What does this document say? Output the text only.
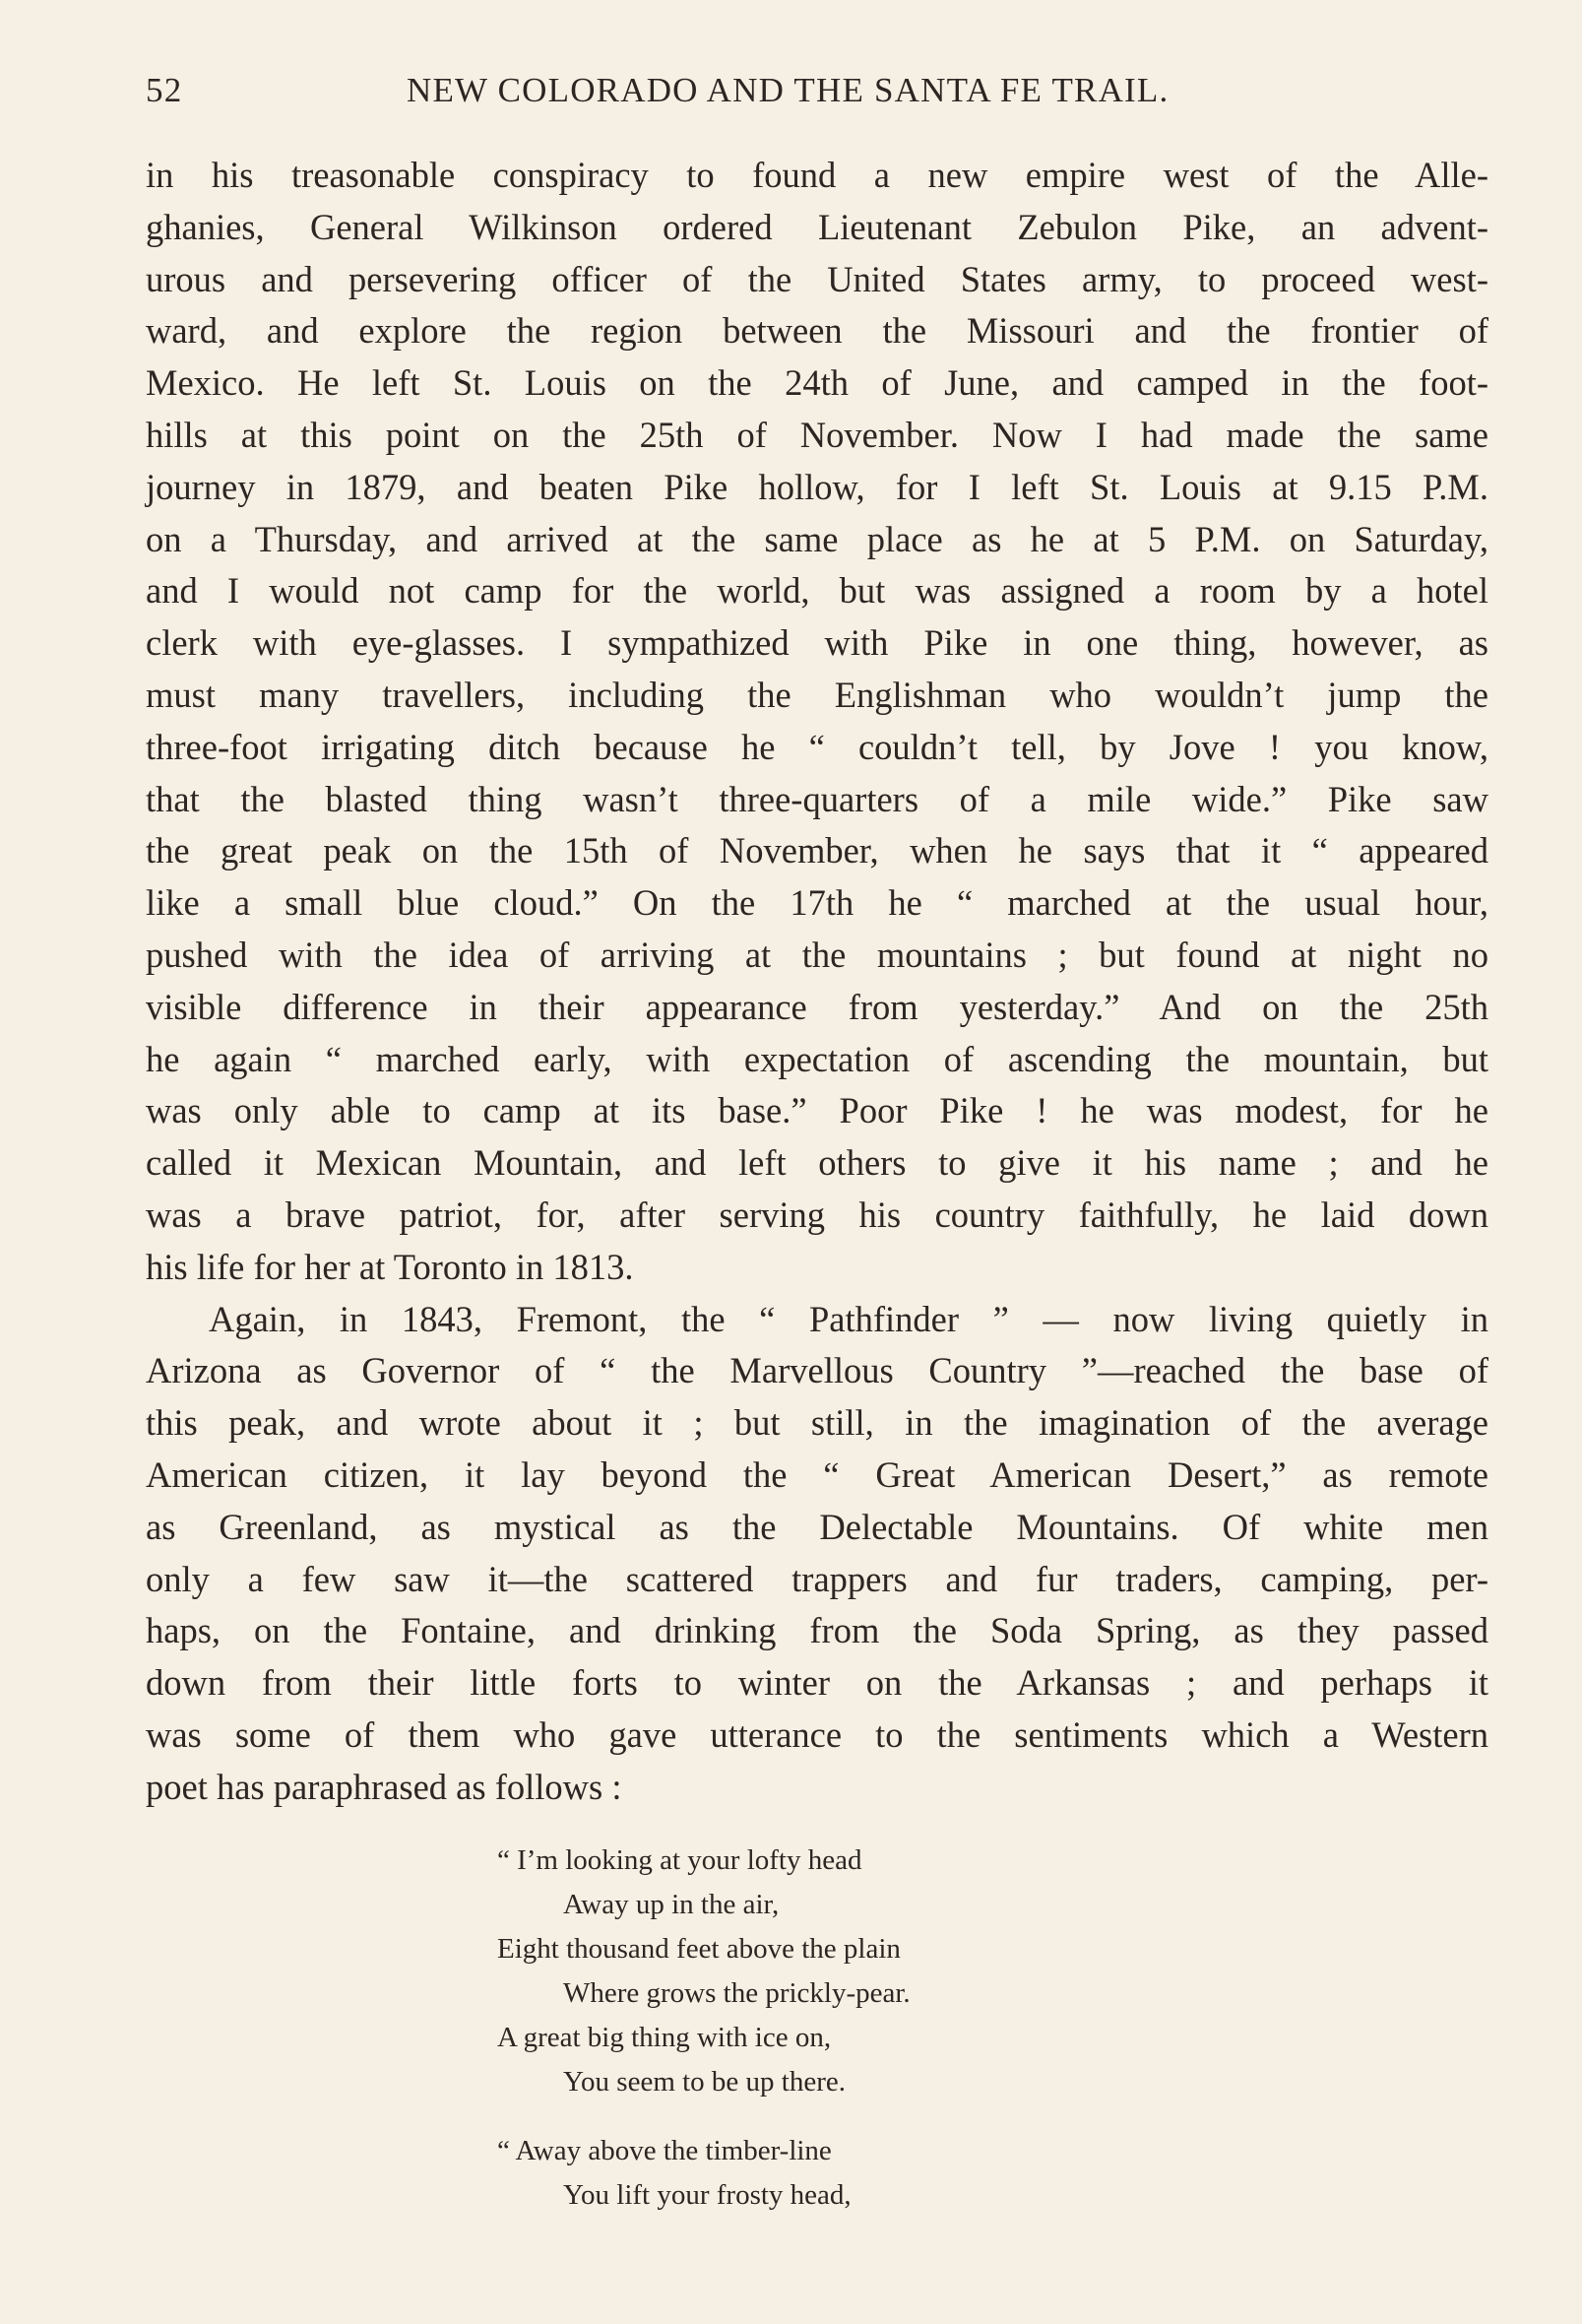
52	NEW COLORADO AND THE SANTA FE TRAIL.
in his treasonable conspiracy to found a new empire west of the Alle-
ghanies, General Wilkinson ordered Lieutenant Zebulon Pike, an advent-
urous and persevering officer of the United States army, to proceed west-
ward, and explore the region between the Missouri and the frontier of
Mexico. He left St. Louis on the 24th of June, and camped in the foot-
hills at this point on the 25th of November. Now I had made the same
journey in 1879, and beaten Pike hollow, for I left St. Louis at 9.15 P.M.
on a Thursday, and arrived at the same place as he at 5 P.M. on Saturday,
and I would not camp for the world, but was assigned a room by a hotel
clerk with eye-glasses. I sympathized with Pike in one thing, however, as
must many travellers, including the Englishman who wouldn’t jump the
three-foot irrigating ditch because he “ couldn’t tell, by Jove ! you know,
that the blasted thing wasn’t three-quarters of a mile wide.” Pike saw
the great peak on the 15th of November, when he says that it “ appeared
like a small blue cloud.” On the 17th he “ marched at the usual hour,
pushed with the idea of arriving at the mountains ; but found at night no
visible difference in their appearance from yesterday.” And on the 25th
he again “ marched early, with expectation of ascending the mountain, but
was only able to camp at its base.” Poor Pike ! he was modest, for he
called it Mexican Mountain, and left others to give it his name ; and he
was a brave patriot, for, after serving his country faithfully, he laid down
his life for her at Toronto in 1813.
Again, in 1843, Fremont, the “ Pathfinder ” — now living quietly in
Arizona as Governor of “ the Marvellous Country ”—reached the base of
this peak, and wrote about it ; but still, in the imagination of the average
American citizen, it lay beyond the “ Great American Desert,” as remote
as Greenland, as mystical as the Delectable Mountains. Of white men
only a few saw it—the scattered trappers and fur traders, camping, per-
haps, on the Fontaine, and drinking from the Soda Spring, as they passed
down from their little forts to winter on the Arkansas ; and perhaps it
was some of them who gave utterance to the sentiments which a Western
poet has paraphrased as follows :
“ I’m looking at your lofty head
Away up in the air,
Eight thousand feet above the plain
Where grows the prickly-pear.
A great big thing with ice on,
You seem to be up there.
“ Away above the timber-line
You lift your frosty head,
